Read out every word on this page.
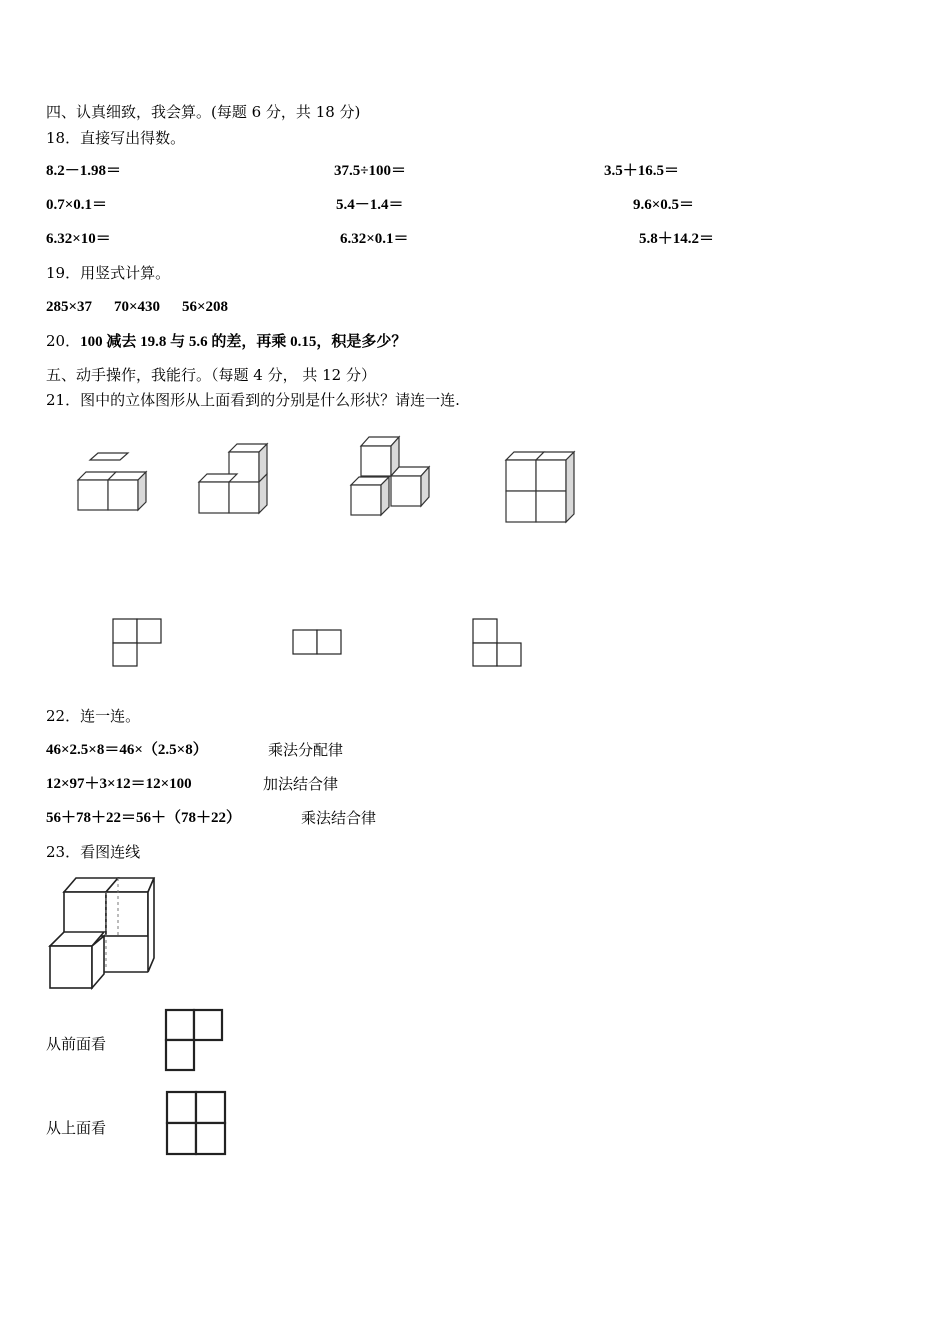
四、认真细致，我会算。(每题 6 分，共 18 分)
18．直接写出得数。
8.2－1.98＝	37.5÷100＝	3.5＋16.5＝
0.7×0.1＝	5.4－1.4＝	9.6×0.5＝
6.32×10＝	6.32×0.1＝	5.8＋14.2＝
19．用竖式计算。
285×37 70×430 56×208
20．100 减去 19.8 与 5.6 的差，再乘 0.15，积是多少？
五、动手操作，我能行。（每题 4 分， 共 12 分）
21．图中的立体图形从上面看到的分别是什么形状？请连一连.
22．连一连。
46×2.5×8＝46×（2.5×8）	乘法分配律
12×97＋3×12＝12×100	加法结合律
56＋78＋22＝56＋（78＋22）	乘法结合律
23．看图连线
从前面看
从上面看
